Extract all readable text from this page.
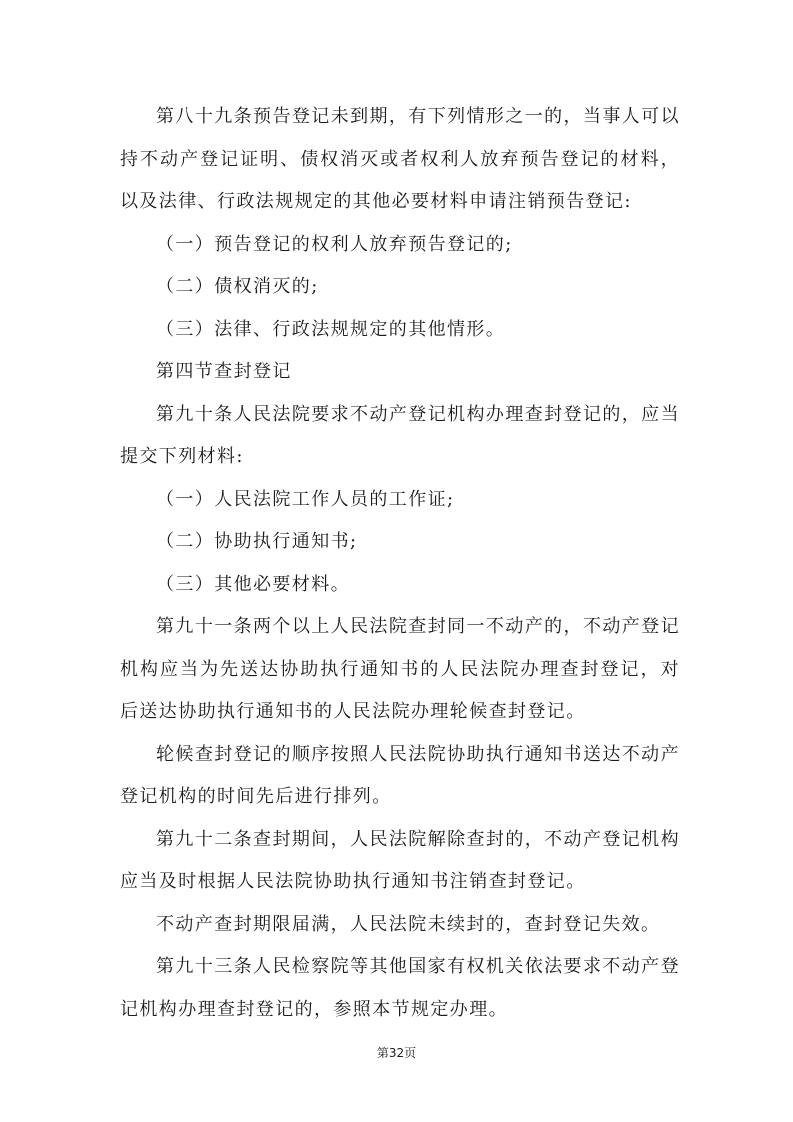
第八十九条预告登记未到期，有下列情形之一的，当事人可以持不动产登记证明、债权消灭或者权利人放弃预告登记的材料，以及法律、行政法规规定的其他必要材料申请注销预告登记:

（一）预告登记的权利人放弃预告登记的;

（二）债权消灭的;

（三）法律、行政法规规定的其他情形。

第四节查封登记

第九十条人民法院要求不动产登记机构办理查封登记的，应当提交下列材料:

（一）人民法院工作人员的工作证;

（二）协助执行通知书;

（三）其他必要材料。

第九十一条两个以上人民法院查封同一不动产的，不动产登记机构应当为先送达协助执行通知书的人民法院办理查封登记，对后送达协助执行通知书的人民法院办理轮候查封登记。

轮候查封登记的顺序按照人民法院协助执行通知书送达不动产登记机构的时间先后进行排列。

第九十二条查封期间，人民法院解除查封的，不动产登记机构应当及时根据人民法院协助执行通知书注销查封登记。

不动产查封期限届满，人民法院未续封的，查封登记失效。

第九十三条人民检察院等其他国家有权机关依法要求不动产登记机构办理查封登记的，参照本节规定办理。

第32页
